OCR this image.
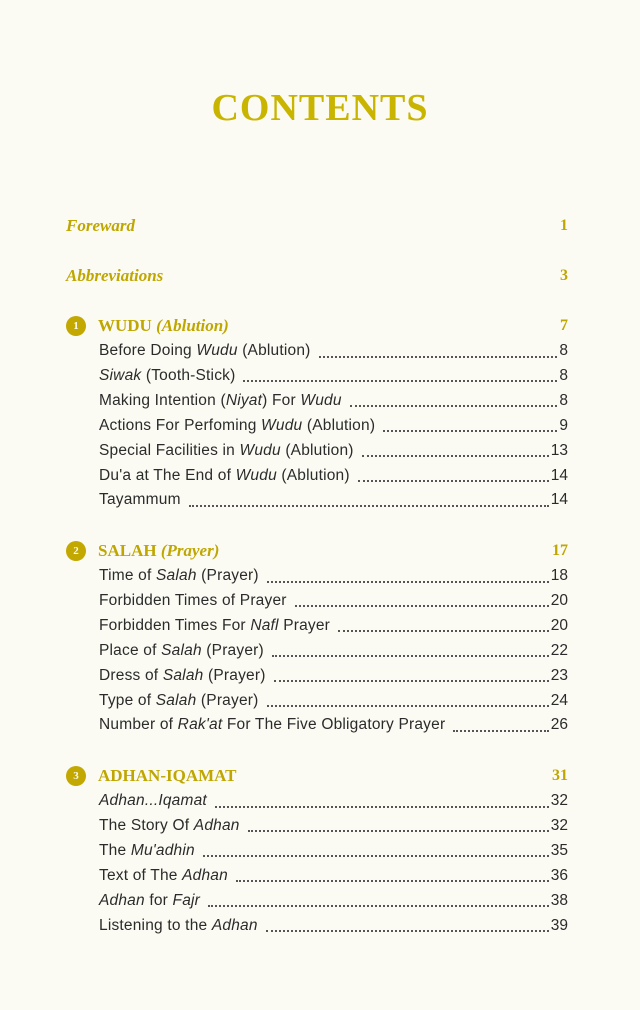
CONTENTS
Foreward	1
Abbreviations	3
1	WUDU (Ablution)	7
Before Doing Wudu (Ablution)	8
Siwak (Tooth-Stick)	8
Making Intention (Niyat) For Wudu	8
Actions For Perfoming Wudu (Ablution)	9
Special Facilities in Wudu (Ablution)	13
Du'a at The End of Wudu (Ablution)	14
Tayammum	14
2	SALAH (Prayer)	17
Time of Salah (Prayer)	18
Forbidden Times of Prayer	20
Forbidden Times For Nafl Prayer	20
Place of Salah (Prayer)	22
Dress of Salah (Prayer)	23
Type of Salah (Prayer)	24
Number of Rak'at For The Five Obligatory Prayer	26
3	ADHAN-IQAMAT	31
Adhan...Iqamat	32
The Story Of Adhan	32
The Mu'adhin	35
Text of The Adhan	36
Adhan for Fajr	38
Listening to the Adhan	39
